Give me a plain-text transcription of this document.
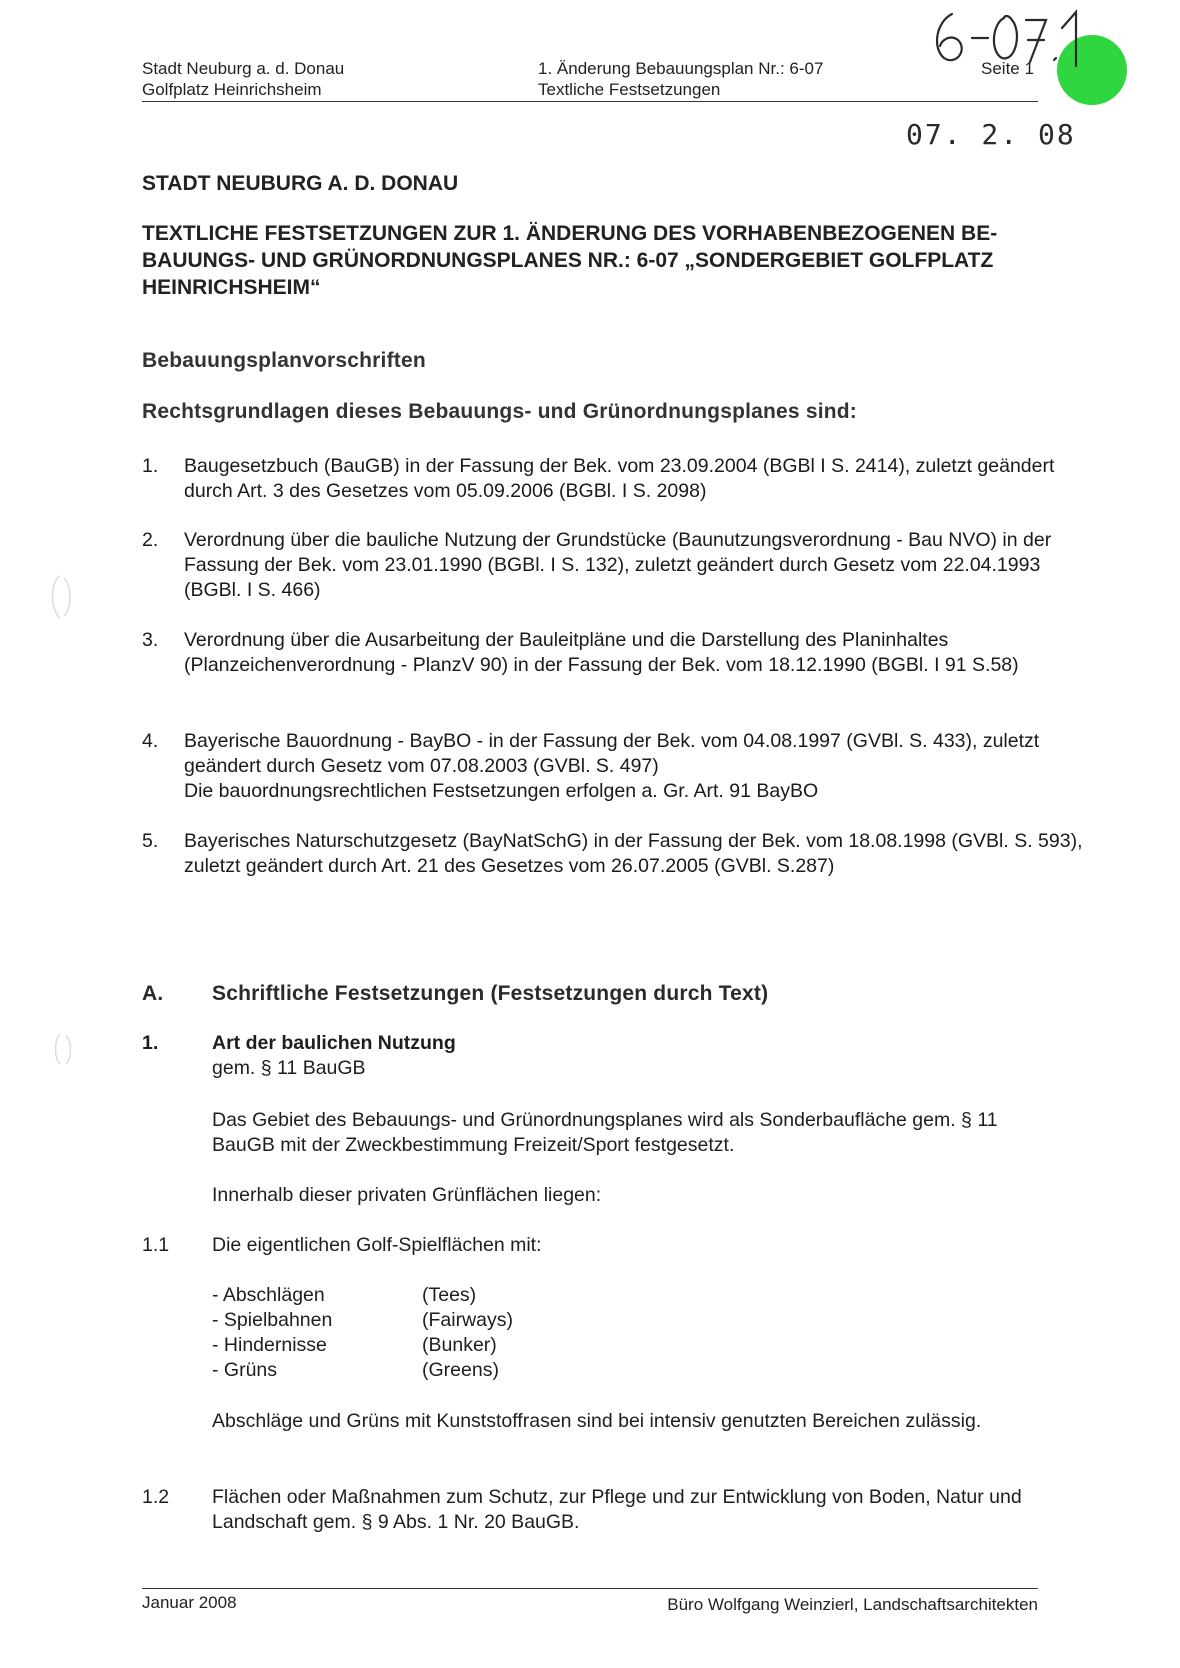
Stadt Neuburg a. d. Donau
Golfplatz Heinrichsheim
1. Änderung Bebauungsplan Nr.: 6-07
Textliche Festsetzungen
Seite 1
07. 2. 08
STADT NEUBURG A. D. DONAU
TEXTLICHE FESTSETZUNGEN ZUR 1. ÄNDERUNG DES VORHABENBEZOGENEN BEBAUUNGS- UND GRÜNORDNUNGSPLANES NR.: 6-07 „SONDERGEBIET GOLFPLATZ HEINRICHSHEIM“
Bebauungsplanvorschriften
Rechtsgrundlagen dieses Bebauungs- und Grünordnungsplanes sind:
1. Baugesetzbuch (BauGB) in der Fassung der Bek. vom 23.09.2004 (BGBl I S. 2414), zuletzt geändert durch Art. 3 des Gesetzes vom 05.09.2006 (BGBl. I S. 2098)
2. Verordnung über die bauliche Nutzung der Grundstücke (Baunutzungsverordnung - Bau NVO) in der Fassung der Bek. vom 23.01.1990 (BGBl. I S. 132), zuletzt geändert durch Gesetz vom 22.04.1993 (BGBl. I S. 466)
3. Verordnung über die Ausarbeitung der Bauleitpläne und die Darstellung des Planinhaltes (Planzeichenverordnung - PlanzV 90) in der Fassung der Bek. vom 18.12.1990 (BGBl. I 91 S.58)
4. Bayerische Bauordnung - BayBO - in der Fassung der Bek. vom 04.08.1997 (GVBl. S. 433), zuletzt geändert durch Gesetz vom 07.08.2003 (GVBl. S. 497)
Die bauordnungsrechtlichen Festsetzungen erfolgen a. Gr. Art. 91 BayBO
5. Bayerisches Naturschutzgesetz (BayNatSchG) in der Fassung der Bek. vom 18.08.1998 (GVBl. S. 593), zuletzt geändert durch Art. 21 des Gesetzes vom 26.07.2005 (GVBl. S.287)
A. Schriftliche Festsetzungen (Festsetzungen durch Text)
1.	Art der baulichen Nutzung
gem. § 11 BauGB
Das Gebiet des Bebauungs- und Grünordnungsplanes wird als Sonderbaufläche gem. § 11 BauGB mit der Zweckbestimmung Freizeit/Sport festgesetzt.
Innerhalb dieser privaten Grünflächen liegen:
1.1 Die eigentlichen Golf-Spielflächen mit:
- Abschlägen	(Tees)
- Spielbahnen	(Fairways)
- Hindernisse	(Bunker)
- Grüns	(Greens)
Abschläge und Grüns mit Kunststoffrasen sind bei intensiv genutzten Bereichen zulässig.
1.2 Flächen oder Maßnahmen zum Schutz, zur Pflege und zur Entwicklung von Boden, Natur und Landschaft gem. § 9 Abs. 1 Nr. 20 BauGB.
Januar 2008	Büro Wolfgang Weinzierl, Landschaftsarchitekten
